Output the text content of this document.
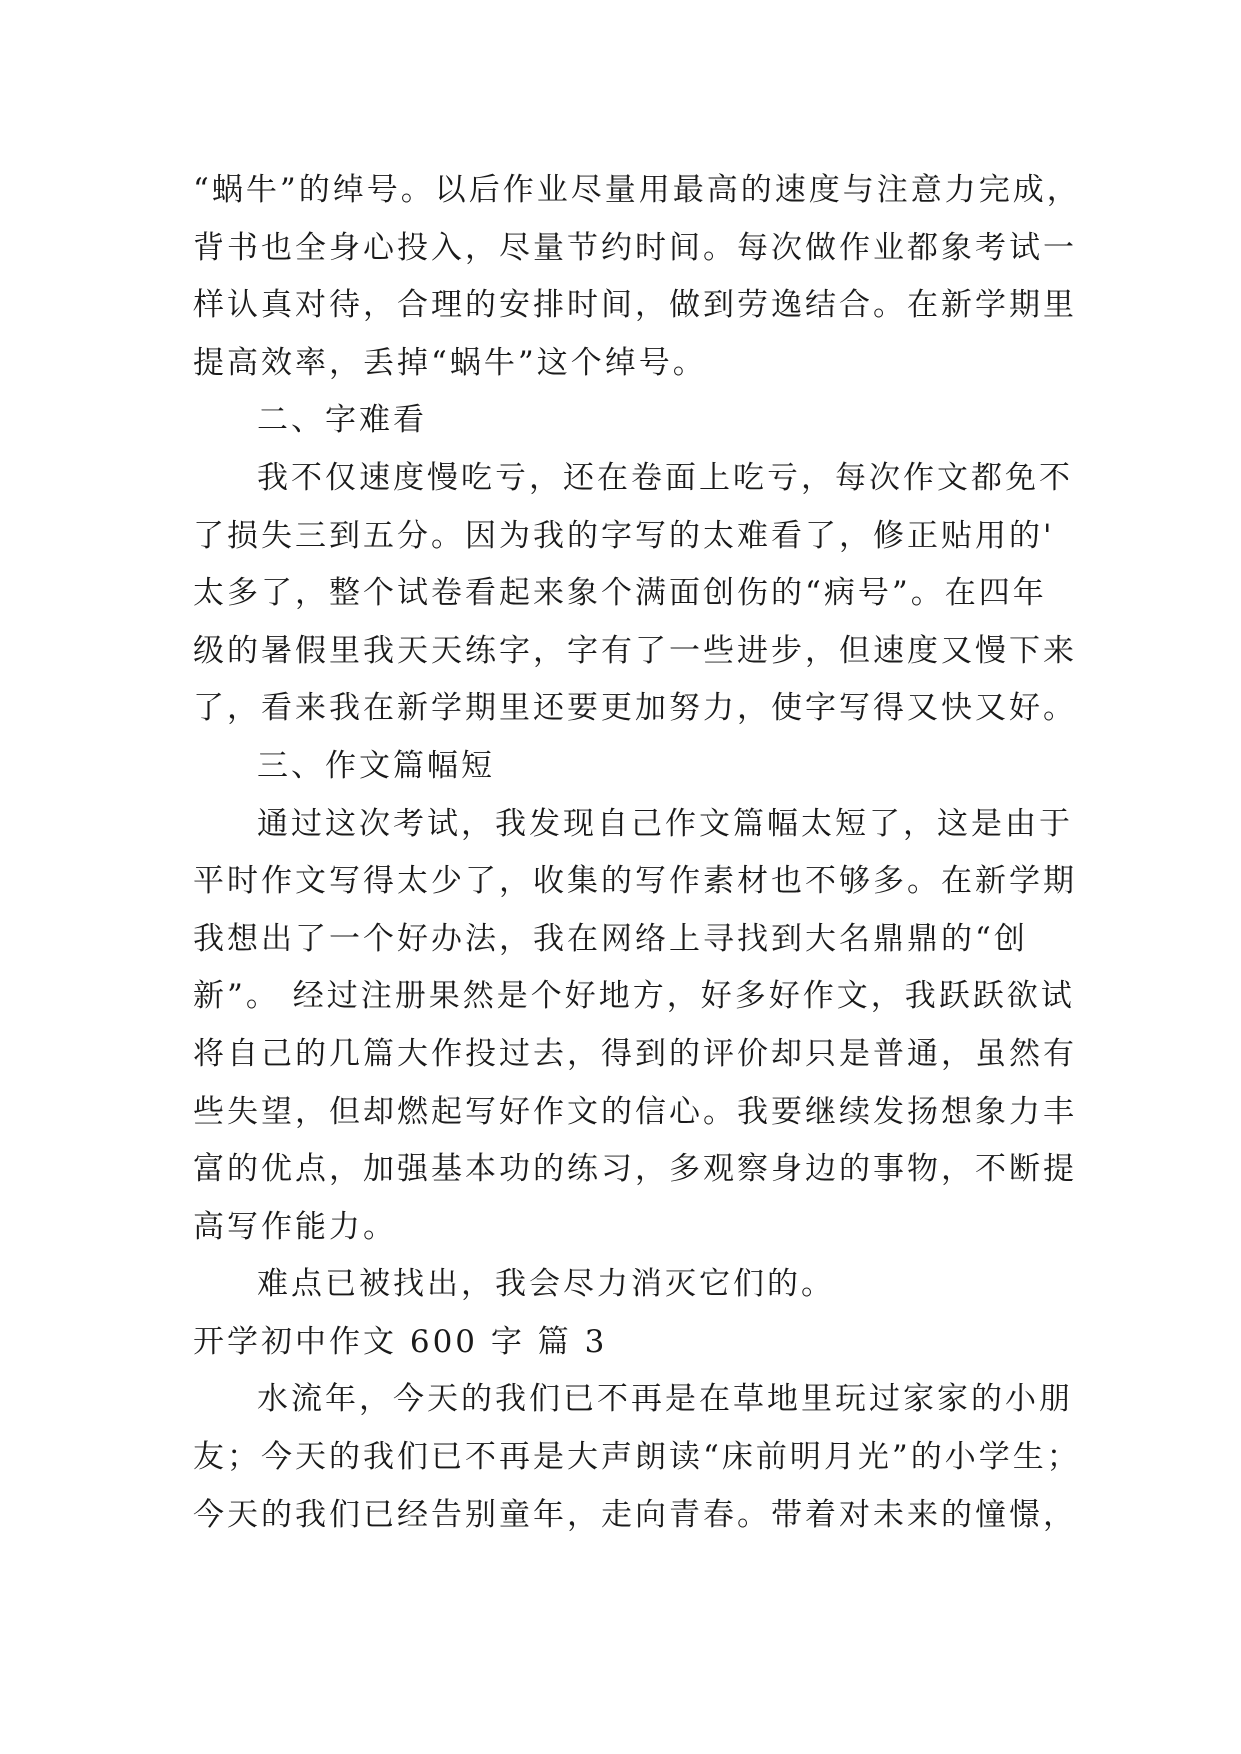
“蜗牛”的绰号。以后作业尽量用最高的速度与注意力完成，
背书也全身心投入，尽量节约时间。每次做作业都象考试一
样认真对待，合理的安排时间，做到劳逸结合。在新学期里
提高效率，丢掉“蜗牛”这个绰号。
二、字难看
我不仅速度慢吃亏，还在卷面上吃亏，每次作文都免不
了损失三到五分。因为我的字写的太难看了，修正贴用的'
太多了，整个试卷看起来象个满面创伤的“病号”。在四年
级的暑假里我天天练字，字有了一些进步，但速度又慢下来
了，看来我在新学期里还要更加努力，使字写得又快又好。
三、作文篇幅短
通过这次考试，我发现自己作文篇幅太短了，这是由于
平时作文写得太少了，收集的写作素材也不够多。在新学期
我想出了一个好办法，我在网络上寻找到大名鼎鼎的“创
新”。 经过注册果然是个好地方，好多好作文，我跃跃欲试
将自己的几篇大作投过去，得到的评价却只是普通，虽然有
些失望，但却燃起写好作文的信心。我要继续发扬想象力丰
富的优点，加强基本功的练习，多观察身边的事物，不断提
高写作能力。
难点已被找出，我会尽力消灭它们的。
开学初中作文 600 字 篇 3
水流年，今天的我们已不再是在草地里玩过家家的小朋
友；今天的我们已不再是大声朗读“床前明月光”的小学生；
今天的我们已经告别童年，走向青春。带着对未来的憧憬，
